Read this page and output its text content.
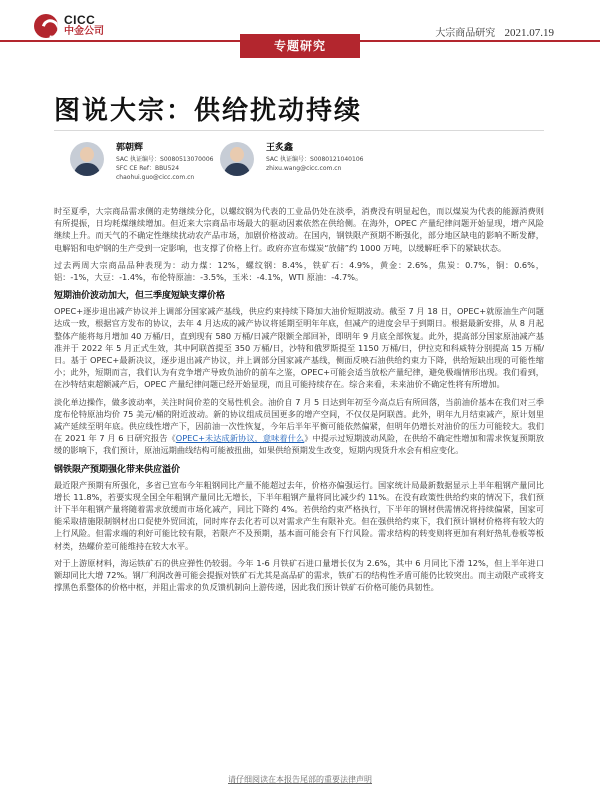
CICC
中金公司	大宗商品研究 2021.07.19
专题研究
图说大宗：供给扰动持续
郭朝辉
SAC 执证编号：S0080513070006
SFC CE Ref：BBU524
chaohui.guo@cicc.com.cn
王炙鑫
SAC 执证编号：S0080121040106
zhixu.wang@cicc.com.cn

时至夏季，大宗商品需求侧的走势继续分化，以螺纹钢为代表的工业品仍处在淡季，消费没有明显起色，而以煤炭为代表的能源消费则有所提振，日均耗煤继续增加。但近来大宗商品市场最大的驱动因素依然在供给侧。在海外，OPEC 产量纪律问题开始显现，增产风险继续上升。而天气的不确定性继续扰动农产品市场，加剧价格波动。在国内，钢铁限产预期不断强化，部分地区缺电的影响不断发酵，电解铝和电炉钢的生产受到一定影响，也支撑了价格上行。政府亦宣布煤炭“放储”约 1000 万吨，以缓解旺季下的紧缺状态。

过去两周大宗商品品种表现为：动力煤：12%，螺纹钢：8.4%，铁矿石：4.9%，黄金：2.6%，焦炭：0.7%，铜：0.6%，铝：-1%，大豆：-1.4%，布伦特原油：-3.5%，玉米：-4.1%，WTI 原油：-4.7%。

短期油价波动加大，但三季度短缺支撑价格

OPEC+逐步退出减产协议并上调部分国家减产基线，供应约束持续下降加大油价短期波动。截至 7 月 18 日，OPEC+就原油生产问题达成一致，根据官方发布的协议，去年 4 月达成的减产协议将延期至明年年底，但减产的进度会早于到期日。根据最新安排，从 8 月起整体产能将每月增加 40 万桶/日，直到现有 580 万桶/日减产限额全部回补，即明年 9 月底全部恢复。此外，提高部分国家原油减产基准并于 2022 年 5 月正式生效，其中阿联酋提至 350 万桶/日，沙特和俄罗斯提至 1150 万桶/日，伊拉克和科威特分别提高 15 万桶/日。基于 OPEC+最新决议，逐步退出减产协议，并上调部分国家减产基线，侧面反映石油供给约束力下降，供给短缺出现的可能性缩小；此外，短期而言，我们认为有竞争增产导致负油价的前车之鉴，OPEC+可能会适当放松产量纪律，避免极端情形出现。我们看到，在沙特结束超额减产后，OPEC 产量纪律问题已经开始显现，而且可能持续存在。综合来看，未来油价不确定性将有所增加。

淡化单边操作，做多波动率，关注时间价差的交易性机会。油价自 7 月 5 日达到年初至今高点后有所回落，当前油价基本在我们对三季度布伦特原油均价 75 美元/桶的附近波动。新的协议组成员国更多的增产空间，不仅仅是阿联酋。此外，明年九月结束减产，原计划里减产延续至明年底。供应线性增产下，因前油一次性恢复，今年后半年平衡可能依然偏紧，但明年仍增长对油价的压力可能较大。我们在 2021 年 7 月 6 日研究报告《OPEC+未达成新协议，意味着什么》中提示过短期波动风险，在供给不确定性增加和需求恢复预期放缓的影响下，我们预计，原油远期曲线结构可能被扭曲，如果供给预期发生改变，短期内现货升水会有相应变化。

钢铁限产预期强化带来供应溢价

最近限产预期有所强化，多省已宣布今年粗钢同比产量不能超过去年，价格亦偏强运行。国家统计局最新数据显示上半年粗钢产量同比增长 11.8%，若要实现全国全年粗钢产量同比无增长，下半年粗钢产量将同比减少约 11%。在没有政策性供给约束的情况下，我们预计下半年粗钢产量将随着需求放缓而市场化减产，同比下降约 4%。若供给约束严格执行，下半年的钢材供需情况将持续偏紧，国家可能采取措施限制钢材出口促使外贸回流，同时库存去化若可以对需求产生有限补充。但在强供给约束下，我们预计钢材价格将有较大的上行风险。但需求端的利好可能比较有限，若限产不及预期，基本面可能会有下行风险。需求结构的转变则将更加有利好热轧卷板等板材类，热螺价差可能维持在较大水平。

对于上游原材料，海运铁矿石的供应弹性仍较弱。今年 1-6 月铁矿石进口量增长仅为 2.6%，其中 6 月同比下滑 12%，但上半年进口额却同比大增 72%。钢厂利润改善可能会提振对铁矿石尤其是高品矿的需求，铁矿石的结构性矛盾可能仍比较突出。而主动限产或将支撑黑色系整体的价格中枢，并阻止需求的负反馈机制向上游传递，因此我们预计铁矿石价格可能仍具韧性。

请仔细阅读在本报告尾部的重要法律声明
